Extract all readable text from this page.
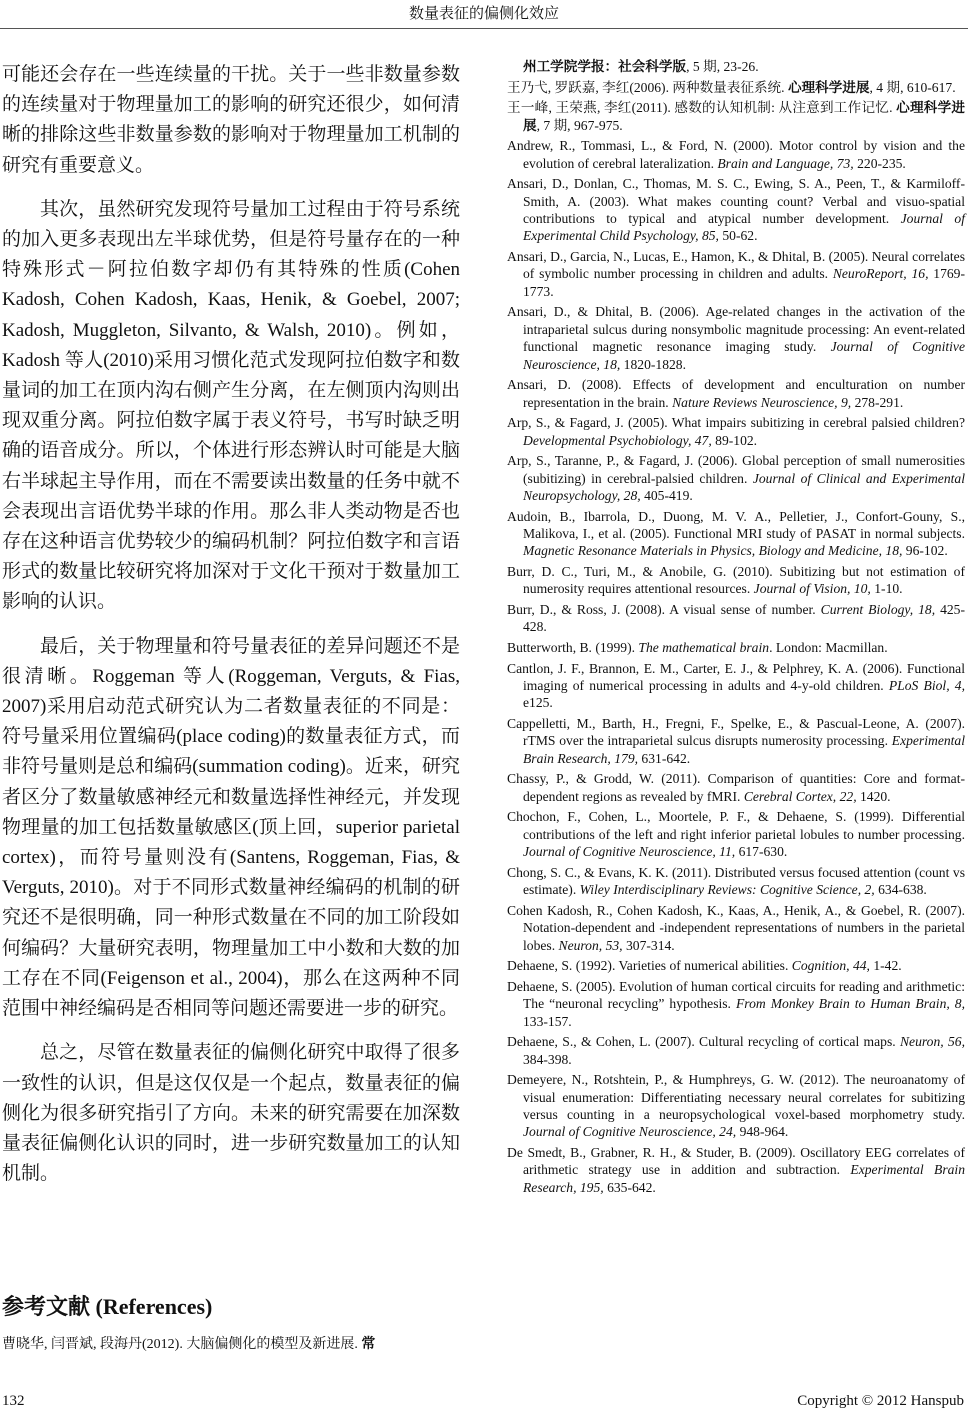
数量表征的偏侧化效应

可能还会存在一些连续量的干扰。关于一些非数量参数的连续量对于物理量加工的影响的研究还很少，如何清晰的排除这些非数量参数的影响对于物理量加工机制的研究有重要意义。

其次，虽然研究发现符号量加工过程由于符号系统的加入更多表现出左半球优势，但是符号量存在的一种特殊形式－阿拉伯数字却仍有其特殊的性质(Cohen Kadosh, Cohen Kadosh, Kaas, Henik, & Goebel, 2007; Kadosh, Muggleton, Silvanto, & Walsh, 2010)。例如，Kadosh 等人(2010)采用习惯化范式发现阿拉伯数字和数量词的加工在顶内沟右侧产生分离，在左侧顶内沟则出现双重分离。阿拉伯数字属于表义符号，书写时缺乏明确的语音成分。所以，个体进行形态辨认时可能是大脑右半球起主导作用，而在不需要读出数量的任务中就不会表现出言语优势半球的作用。那么非人类动物是否也存在这种语言优势较少的编码机制？阿拉伯数字和言语形式的数量比较研究将加深对于文化干预对于数量加工影响的认识。

最后，关于物理量和符号量表征的差异问题还不是很清晰。Roggeman 等人(Roggeman, Verguts, & Fias, 2007)采用启动范式研究认为二者数量表征的不同是：符号量采用位置编码(place coding)的数量表征方式，而非符号量则是总和编码(summation coding)。近来，研究者区分了数量敏感神经元和数量选择性神经元，并发现物理量的加工包括数量敏感区(顶上回，superior parietal cortex)，而符号量则没有(Santens, Roggeman, Fias, & Verguts, 2010)。对于不同形式数量神经编码的机制的研究还不是很明确，同一种形式数量在不同的加工阶段如何编码？大量研究表明，物理量加工中小数和大数的加工存在不同(Feigenson et al., 2004)，那么在这两种不同范围中神经编码是否相同等问题还需要进一步的研究。

总之，尽管在数量表征的偏侧化研究中取得了很多一致性的认识，但是这仅仅是一个起点，数量表征的偏侧化为很多研究指引了方向。未来的研究需要在加深数量表征偏侧化认识的同时，进一步研究数量加工的认知机制。

参考文献 (References)
曹晓华, 闫晋斌, 段海丹(2012). 大脑偏侧化的模型及新进展. 常
州工学院学报：社会科学版, 5 期, 23-26.
王乃弋, 罗跃嘉, 李红(2006). 两种数量表征系统. 心理科学进展, 4 期, 610-617.
王一峰, 王荣燕, 李红(2011). 感数的认知机制: 从注意到工作记忆. 心理科学进展, 7 期, 967-975.
Andrew, R., Tommasi, L., & Ford, N. (2000). Motor control by vision and the evolution of cerebral lateralization. Brain and Language, 73, 220-235.
Ansari, D., Donlan, C., Thomas, M. S. C., Ewing, S. A., Peen, T., & Karmiloff-Smith, A. (2003). What makes counting count? Verbal and visuo-spatial contributions to typical and atypical number development. Journal of Experimental Child Psychology, 85, 50-62.
Ansari, D., Garcia, N., Lucas, E., Hamon, K., & Dhital, B. (2005). Neural correlates of symbolic number processing in children and adults. NeuroReport, 16, 1769-1773.
Ansari, D., & Dhital, B. (2006). Age-related changes in the activation of the intraparietal sulcus during nonsymbolic magnitude processing: An event-related functional magnetic resonance imaging study. Journal of Cognitive Neuroscience, 18, 1820-1828.
Ansari, D. (2008). Effects of development and enculturation on number representation in the brain. Nature Reviews Neuroscience, 9, 278-291.
Arp, S., & Fagard, J. (2005). What impairs subitizing in cerebral palsied children? Developmental Psychobiology, 47, 89-102.
Arp, S., Taranne, P., & Fagard, J. (2006). Global perception of small numerosities (subitizing) in cerebral-palsied children. Journal of Clinical and Experimental Neuropsychology, 28, 405-419.
Audoin, B., Ibarrola, D., Duong, M. V. A., Pelletier, J., Confort-Gouny, S., Malikova, I., et al. (2005). Functional MRI study of PASAT in normal subjects. Magnetic Resonance Materials in Physics, Biology and Medicine, 18, 96-102.
Burr, D. C., Turi, M., & Anobile, G. (2010). Subitizing but not estimation of numerosity requires attentional resources. Journal of Vision, 10, 1-10.
Burr, D., & Ross, J. (2008). A visual sense of number. Current Biology, 18, 425-428.
Butterworth, B. (1999). The mathematical brain. London: Macmillan.
Cantlon, J. F., Brannon, E. M., Carter, E. J., & Pelphrey, K. A. (2006). Functional imaging of numerical processing in adults and 4-y-old children. PLoS Biol, 4, e125.
Cappelletti, M., Barth, H., Fregni, F., Spelke, E., & Pascual-Leone, A. (2007). rTMS over the intraparietal sulcus disrupts numerosity processing. Experimental Brain Research, 179, 631-642.
Chassy, P., & Grodd, W. (2011). Comparison of quantities: Core and format-dependent regions as revealed by fMRI. Cerebral Cortex, 22, 1420.
Chochon, F., Cohen, L., Moortele, P. F., & Dehaene, S. (1999). Differential contributions of the left and right inferior parietal lobules to number processing. Journal of Cognitive Neuroscience, 11, 617-630.
Chong, S. C., & Evans, K. K. (2011). Distributed versus focused attention (count vs estimate). Wiley Interdisciplinary Reviews: Cognitive Science, 2, 634-638.
Cohen Kadosh, R., Cohen Kadosh, K., Kaas, A., Henik, A., & Goebel, R. (2007). Notation-dependent and -independent representations of numbers in the parietal lobes. Neuron, 53, 307-314.
Dehaene, S. (1992). Varieties of numerical abilities. Cognition, 44, 1-42.
Dehaene, S. (2005). Evolution of human cortical circuits for reading and arithmetic: The “neuronal recycling” hypothesis. From Monkey Brain to Human Brain, 8, 133-157.
Dehaene, S., & Cohen, L. (2007). Cultural recycling of cortical maps. Neuron, 56, 384-398.
Demeyere, N., Rotshtein, P., & Humphreys, G. W. (2012). The neuroanatomy of visual enumeration: Differentiating necessary neural correlates for subitizing versus counting in a neuropsychological voxel-based morphometry study. Journal of Cognitive Neuroscience, 24, 948-964.
De Smedt, B., Grabner, R. H., & Studer, B. (2009). Oscillatory EEG correlates of arithmetic strategy use in addition and subtraction. Experimental Brain Research, 195, 635-642.
132	Copyright © 2012 Hanspub
